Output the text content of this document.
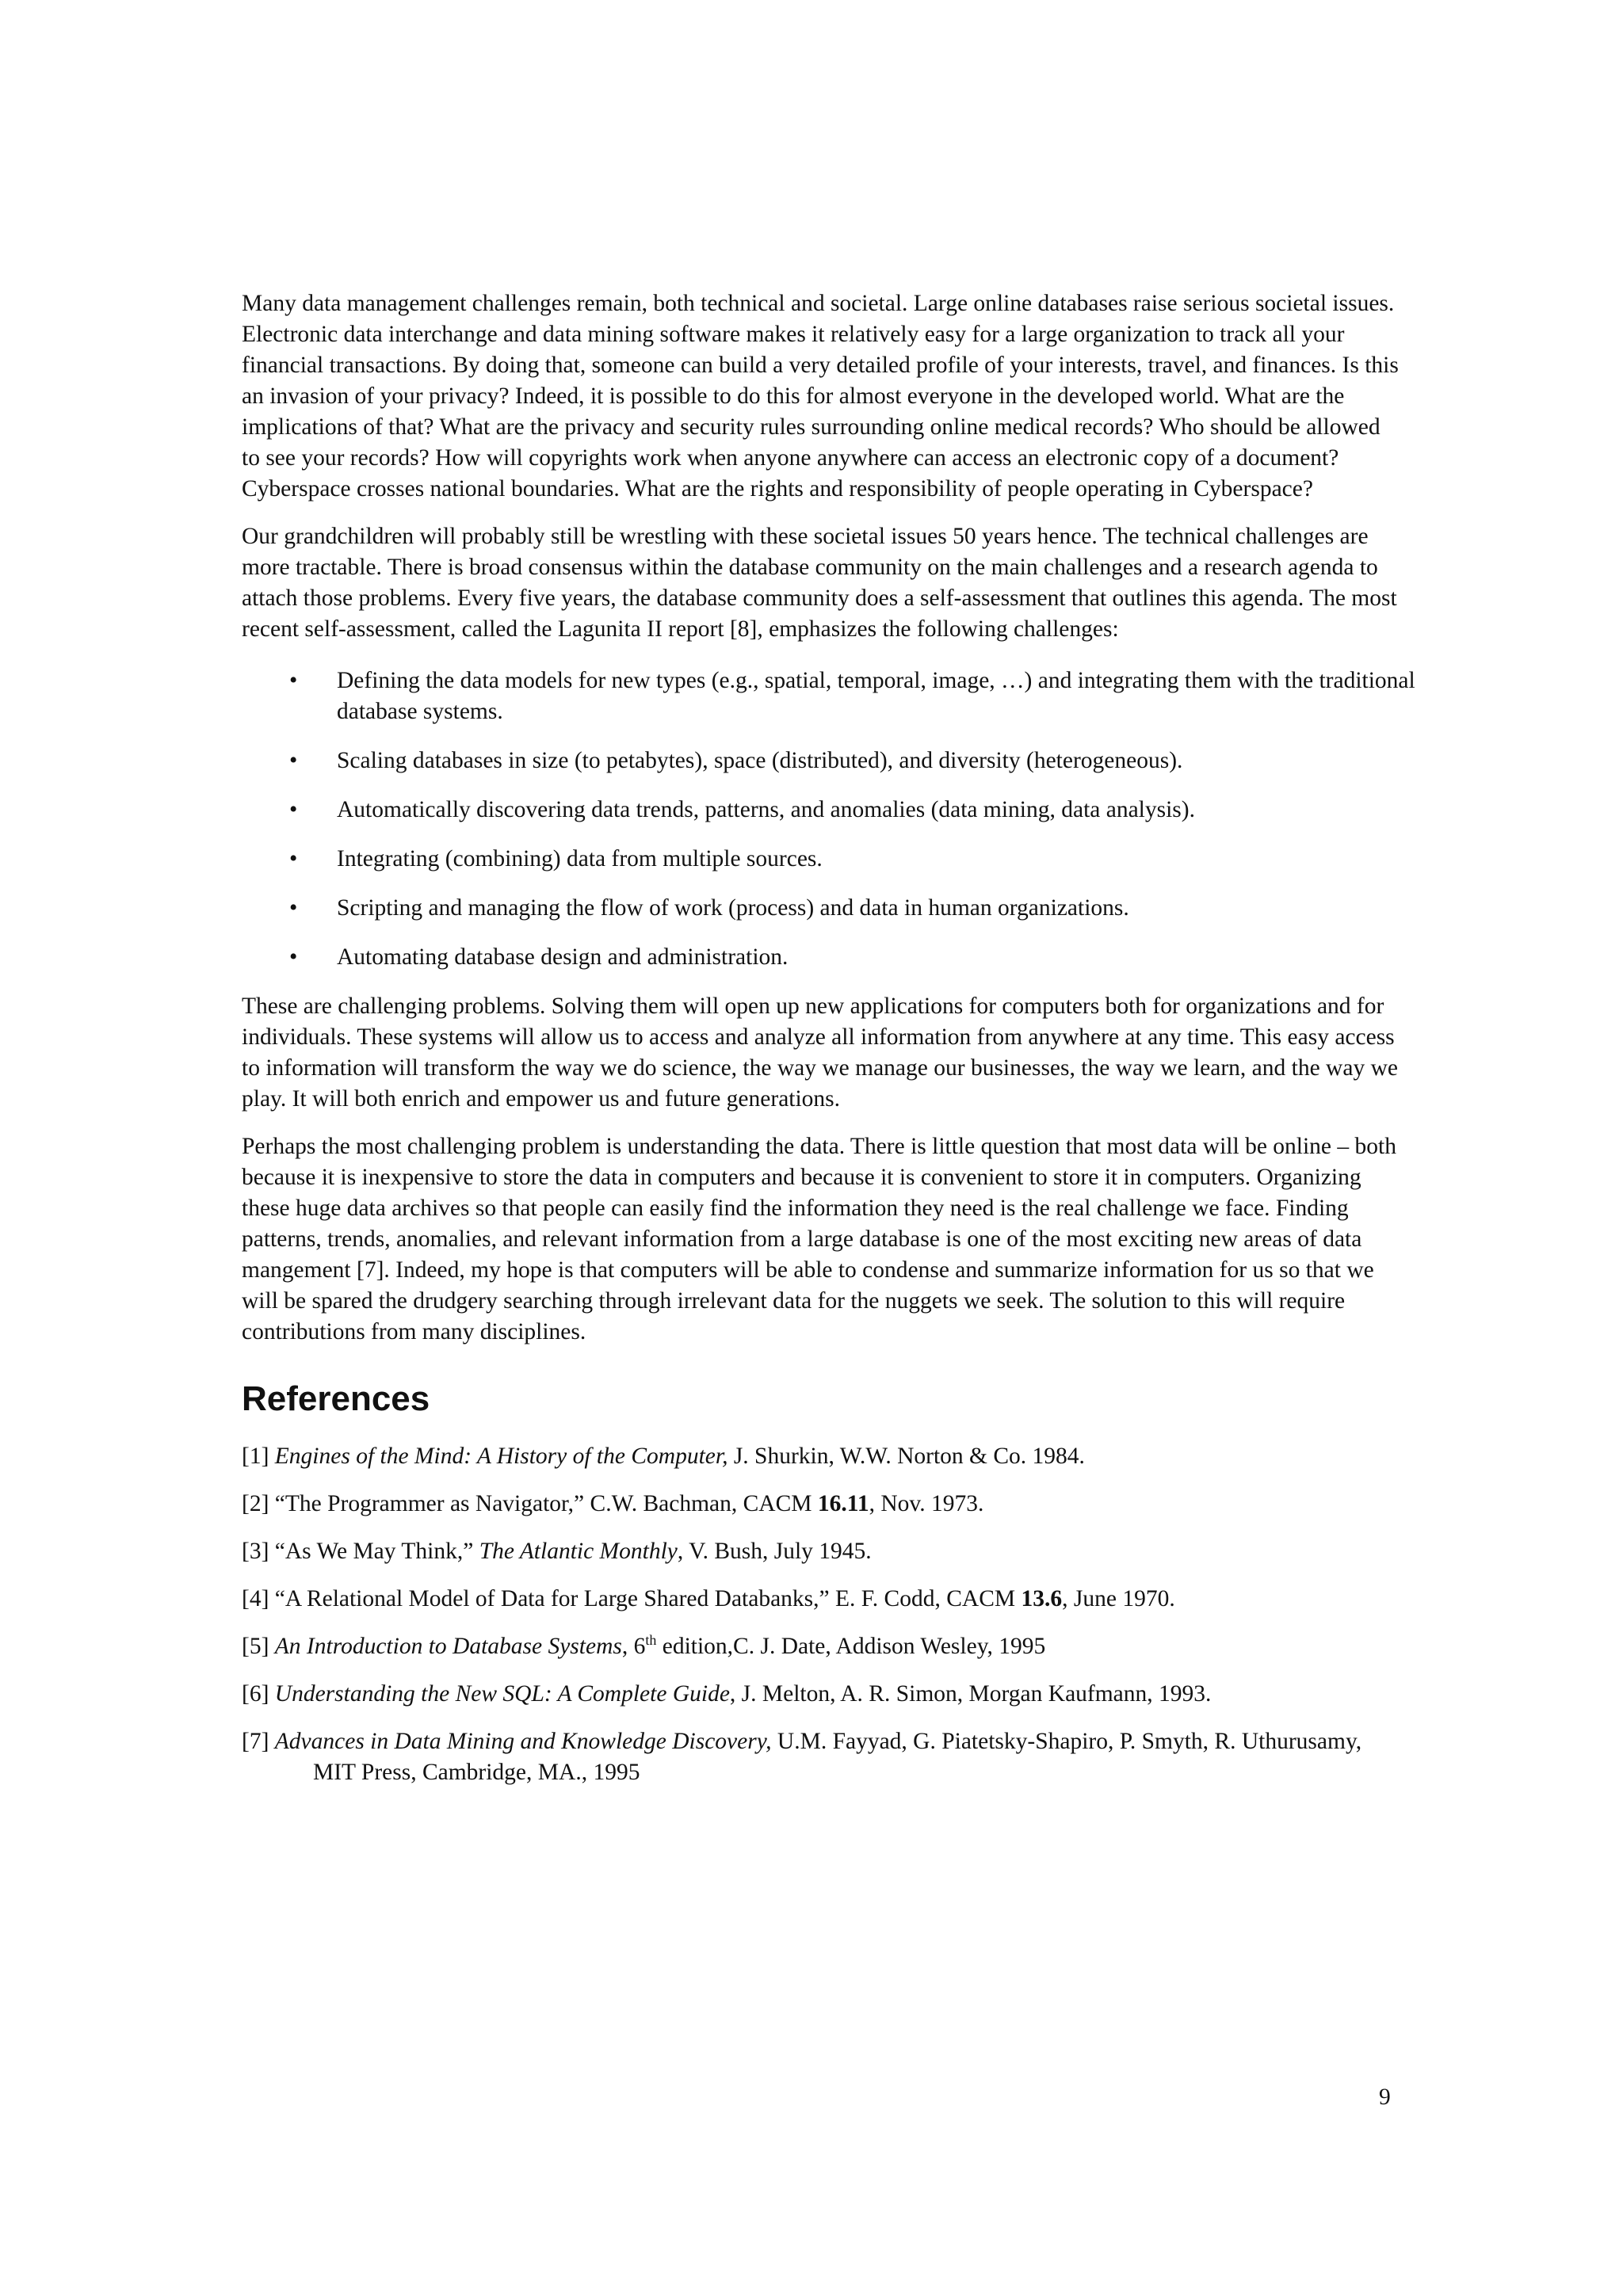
Many data management challenges remain, both technical and societal. Large online databases raise serious societal issues. Electronic data interchange and data mining software makes it relatively easy for a large organization to track all your financial transactions. By doing that, someone can build a very detailed profile of your interests, travel, and finances. Is this an invasion of your privacy? Indeed, it is possible to do this for almost everyone in the developed world. What are the implications of that? What are the privacy and security rules surrounding online medical records? Who should be allowed to see your records? How will copyrights work when anyone anywhere can access an electronic copy of a document? Cyberspace crosses national boundaries. What are the rights and responsibility of people operating in Cyberspace?

Our grandchildren will probably still be wrestling with these societal issues 50 years hence. The technical challenges are more tractable. There is broad consensus within the database community on the main challenges and a research agenda to attach those problems. Every five years, the database community does a self-assessment that outlines this agenda. The most recent self-assessment, called the Lagunita II report [8], emphasizes the following challenges:

• Defining the data models for new types (e.g., spatial, temporal, image, …) and integrating them with the traditional database systems.
• Scaling databases in size (to petabytes), space (distributed), and diversity (heterogeneous).
• Automatically discovering data trends, patterns, and anomalies (data mining, data analysis).
• Integrating (combining) data from multiple sources.
• Scripting and managing the flow of work (process) and data in human organizations.
• Automating database design and administration.

These are challenging problems. Solving them will open up new applications for computers both for organizations and for individuals. These systems will allow us to access and analyze all information from anywhere at any time. This easy access to information will transform the way we do science, the way we manage our businesses, the way we learn, and the way we play. It will both enrich and empower us and future generations.

Perhaps the most challenging problem is understanding the data. There is little question that most data will be online – both because it is inexpensive to store the data in computers and because it is convenient to store it in computers. Organizing these huge data archives so that people can easily find the information they need is the real challenge we face. Finding patterns, trends, anomalies, and relevant information from a large database is one of the most exciting new areas of data mangement [7]. Indeed, my hope is that computers will be able to condense and summarize information for us so that we will be spared the drudgery searching through irrelevant data for the nuggets we seek. The solution to this will require contributions from many disciplines.

References
[1] Engines of the Mind: A History of the Computer, J. Shurkin, W.W. Norton & Co. 1984.
[2] “The Programmer as Navigator,” C.W. Bachman, CACM 16.11, Nov. 1973.
[3] “As We May Think,” The Atlantic Monthly, V. Bush, July 1945.
[4] “A Relational Model of Data for Large Shared Databanks,” E. F. Codd, CACM 13.6, June 1970.
[5] An Introduction to Database Systems, 6th edition,C. J. Date, Addison Wesley, 1995
[6] Understanding the New SQL: A Complete Guide, J. Melton, A. R. Simon, Morgan Kaufmann, 1993.
[7] Advances in Data Mining and Knowledge Discovery, U.M. Fayyad, G. Piatetsky-Shapiro, P. Smyth, R. Uthurusamy, MIT Press, Cambridge, MA., 1995
9
